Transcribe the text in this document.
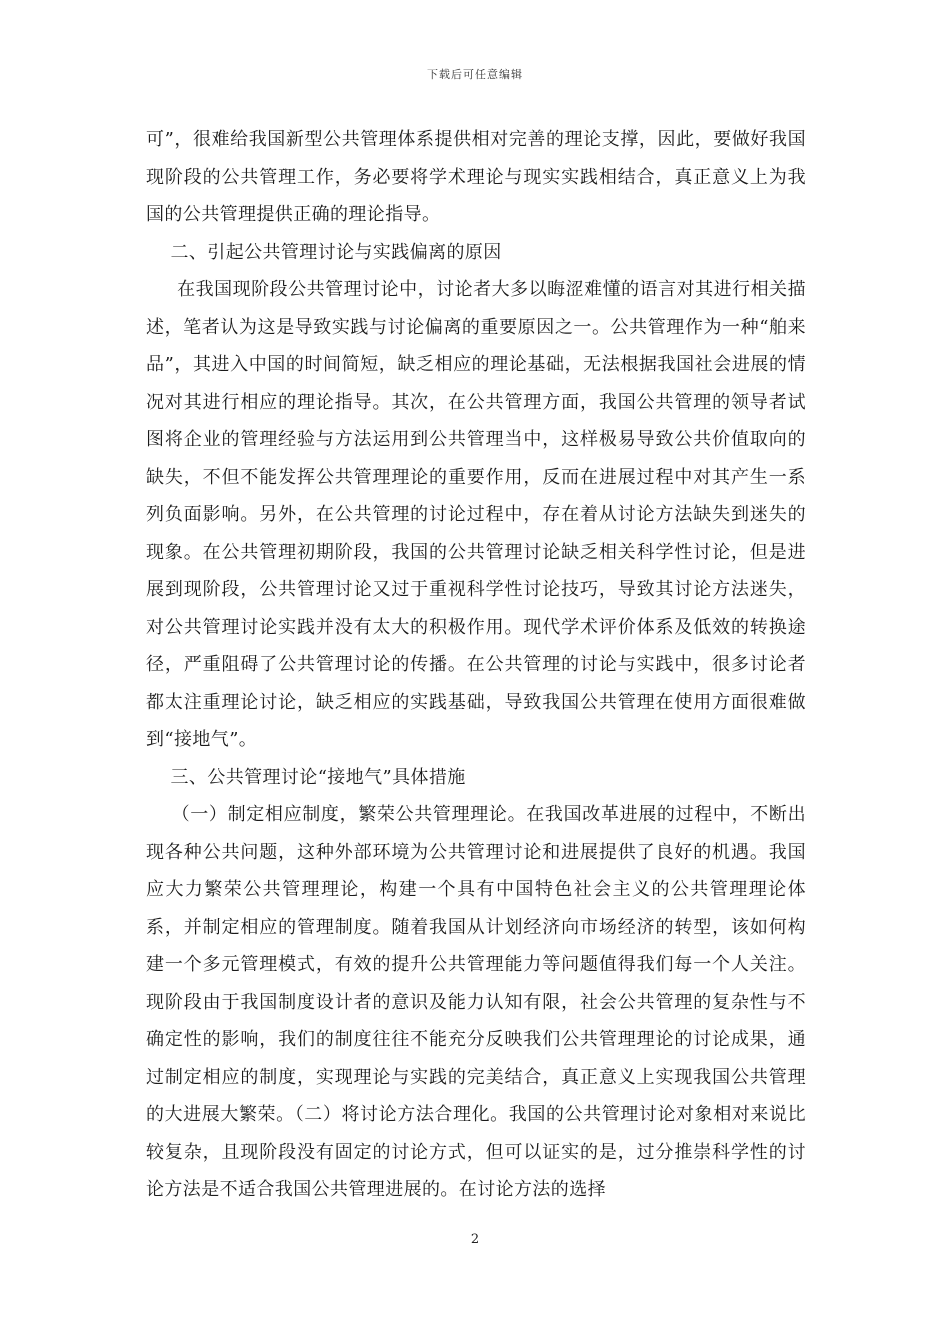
下载后可任意编辑

可”，很难给我国新型公共管理体系提供相对完善的理论支撑，因此，要做好我国现阶段的公共管理工作，务必要将学术理论与现实实践相结合，真正意义上为我国的公共管理提供正确的理论指导。

二、引起公共管理讨论与实践偏离的原因

在我国现阶段公共管理讨论中，讨论者大多以晦涩难懂的语言对其进行相关描述，笔者认为这是导致实践与讨论偏离的重要原因之一。公共管理作为一种“舶来品”，其进入中国的时间简短，缺乏相应的理论基础，无法根据我国社会进展的情况对其进行相应的理论指导。其次，在公共管理方面，我国公共管理的领导者试图将企业的管理经验与方法运用到公共管理当中，这样极易导致公共价值取向的缺失，不但不能发挥公共管理理论的重要作用，反而在进展过程中对其产生一系列负面影响。另外，在公共管理的讨论过程中，存在着从讨论方法缺失到迷失的现象。在公共管理初期阶段，我国的公共管理讨论缺乏相关科学性讨论，但是进展到现阶段，公共管理讨论又过于重视科学性讨论技巧，导致其讨论方法迷失，对公共管理讨论实践并没有太大的积极作用。现代学术评价体系及低效的转换途径，严重阻碍了公共管理讨论的传播。在公共管理的讨论与实践中，很多讨论者都太注重理论讨论，缺乏相应的实践基础，导致我国公共管理在使用方面很难做到“接地气”。

三、公共管理讨论“接地气”具体措施

（一）制定相应制度，繁荣公共管理理论。在我国改革进展的过程中，不断出现各种公共问题，这种外部环境为公共管理讨论和进展提供了良好的机遇。我国应大力繁荣公共管理理论，构建一个具有中国特色社会主义的公共管理理论体系，并制定相应的管理制度。随着我国从计划经济向市场经济的转型，该如何构建一个多元管理模式，有效的提升公共管理能力等问题值得我们每一个人关注。现阶段由于我国制度设计者的意识及能力认知有限，社会公共管理的复杂性与不确定性的影响，我们的制度往往不能充分反映我们公共管理理论的讨论成果，通过制定相应的制度，实现理论与实践的完美结合，真正意义上实现我国公共管理的大进展大繁荣。（二）将讨论方法合理化。我国的公共管理讨论对象相对来说比较复杂，且现阶段没有固定的讨论方式，但可以证实的是，过分推崇科学性的讨论方法是不适合我国公共管理进展的。在讨论方法的选择

2
